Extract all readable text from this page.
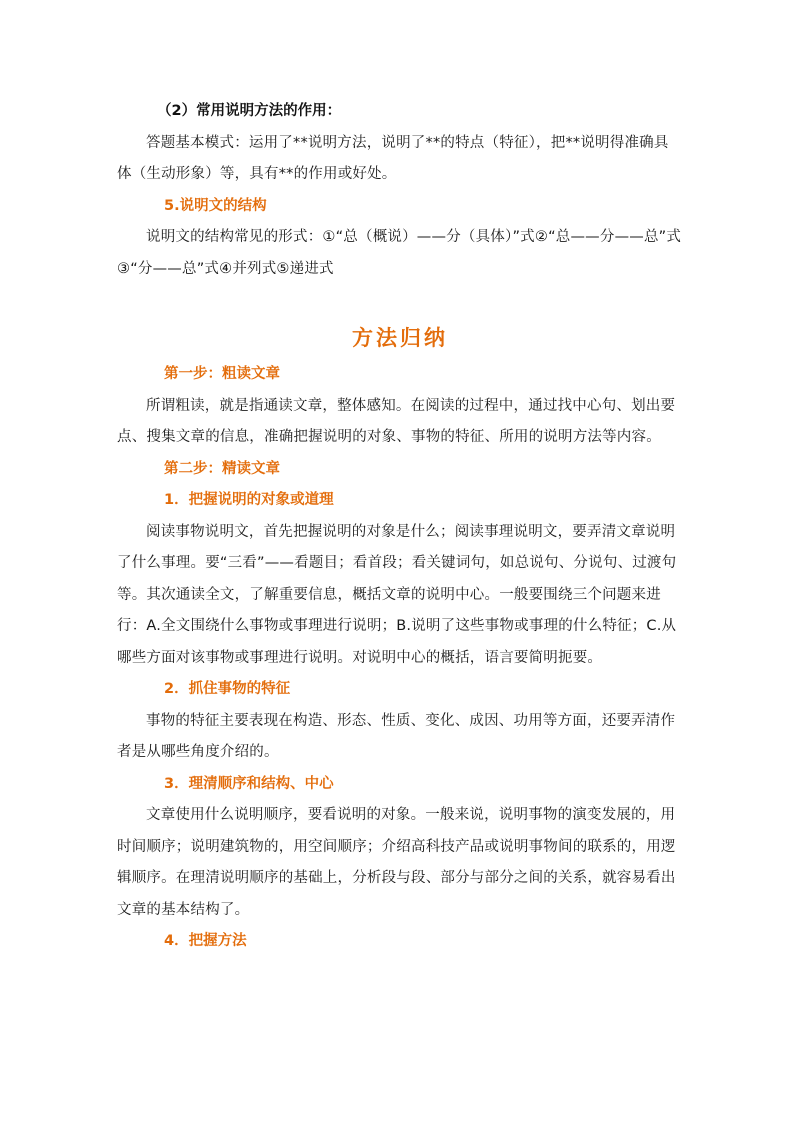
（2）常用说明方法的作用：

答题基本模式：运用了**说明方法，说明了**的特点（特征），把**说明得准确具体（生动形象）等，具有**的作用或好处。

5.说明文的结构

说明文的结构常见的形式：①“总（概说）——分（具体）”式②“总——分——总”式③“分——总”式④并列式⑤递进式

方法归纳

第一步：粗读文章

所谓粗读，就是指通读文章，整体感知。在阅读的过程中，通过找中心句、划出要点、搜集文章的信息，准确把握说明的对象、事物的特征、所用的说明方法等内容。

第二步：精读文章

1．把握说明的对象或道理

阅读事物说明文，首先把握说明的对象是什么；阅读事理说明文，要弄清文章说明了什么事理。要“三看”——看题目；看首段；看关键词句，如总说句、分说句、过渡句等。其次通读全文，了解重要信息，概括文章的说明中心。一般要围绕三个问题来进行：A.全文围绕什么事物或事理进行说明；B.说明了这些事物或事理的什么特征；C.从哪些方面对该事物或事理进行说明。对说明中心的概括，语言要简明扼要。

2．抓住事物的特征

事物的特征主要表现在构造、形态、性质、变化、成因、功用等方面，还要弄清作者是从哪些角度介绍的。

3．理清顺序和结构、中心

文章使用什么说明顺序，要看说明的对象。一般来说，说明事物的演变发展的，用时间顺序；说明建筑物的，用空间顺序；介绍高科技产品或说明事物间的联系的，用逻辑顺序。在理清说明顺序的基础上，分析段与段、部分与部分之间的关系，就容易看出文章的基本结构了。

4．把握方法
